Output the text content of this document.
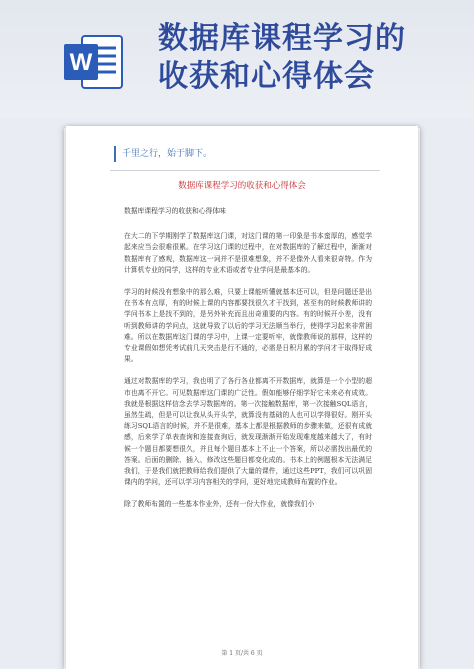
W
数据库课程学习的
收获和心得体会
千里之行，始于脚下。
数据库课程学习的收获和心得体会

数据库课程学习的收获和心得体味

在大二的下学期刚学了数据库这门课，对这门课的第一印象是书本蛮厚的，感觉学起来应当会很难很累。在学习这门课的过程中，在对数据库的了解过程中，渐渐对数据库有了感观，数据库这一词并不是很难想象，并不是像外人看来很奇特。作为计算机专业的同学，这样的专业术语或者专业学问是最基本的。

学习的时候没有想象中的那么难，只要上课能听懂就基本还可以，但是问题还是出在书本有点厚，有的时候上课的内容都要找很久才干找到，甚至有的时候教师讲的学问书本上是找不到的，是另外补充而且出奇重要的内容。有的时候开小差，没有听到教师讲的学问点，这就导致了以后的学习无法顺当举行，使得学习起来非常困难。所以在数据库这门课的学习中，上课一定要听牢，就像教师说的那样，这样的专业课假如想凭考试前几天突击是行不通的，必需是日积月累的学问才干取得好成果。

通过对数据库的学习，我也明了了各行各业都离不开数据库，就算是一个小型的超市也离不开它。可见数据库这门课的广泛性。假如能够仔细学好它未来必有成效。我就是根据这样信念去学习数据库的。第一次接触数据库，第一次接触SQL语言，虽然生疏，但是可以让我从头开头学，就算没有基础的人也可以学得很好。刚开头练习SQL语言的时候，并不是很难，基本上都是根据教师的步骤来做，还很有成就感，后来学了单表查询和连接查询后，就发现渐渐开始发现难度越来越大了，有时候一个题目都要想很久，并且每个题目基本上不止一个答案，所以必需找出最优的答案。后面的删除、插入、修改这些题目都变化成的。书本上的例题根本无法满足我们，于是我们就把教师给我们提供了大量的课件，通过这些PPT，我们可以巩固课内的学问，还可以学习内容相关的学问，更好地完成教师布置的作业。

除了教师布置的一些基本作业外，还有一份大作业，就像我们小

第 1 页/共 6 页
